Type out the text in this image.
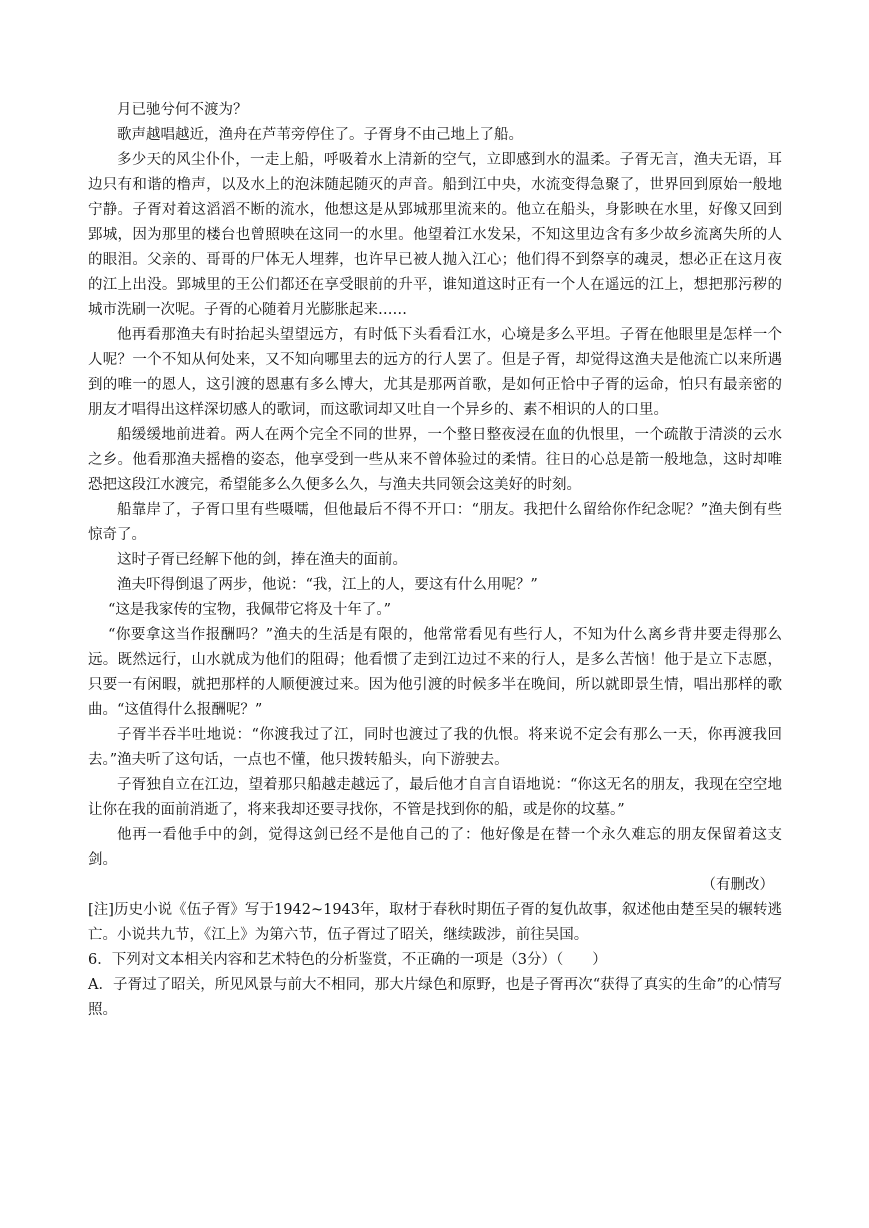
月已驰兮何不渡为？

歌声越唱越近，渔舟在芦苇旁停住了。子胥身不由己地上了船。

多少天的风尘仆仆，一走上船，呼吸着水上清新的空气，立即感到水的温柔。子胥无言，渔夫无语，耳边只有和谐的橹声，以及水上的泡沫随起随灭的声音。船到江中央，水流变得急聚了，世界回到原始一般地宁静。子胥对着这滔滔不断的流水，他想这是从郢城那里流来的。他立在船头，身影映在水里，好像又回到郢城，因为那里的楼台也曾照映在这同一的水里。他望着江水发呆，不知这里边含有多少故乡流离失所的人的眼泪。父亲的、哥哥的尸体无人埋葬，也许早已被人抛入江心；他们得不到祭享的魂灵，想必正在这月夜的江上出没。郢城里的王公们都还在享受眼前的升平，谁知道这时正有一个人在遥远的江上，想把那污秽的城市洗刷一次呢。子胥的心随着月光膨胀起来……

他再看那渔夫有时抬起头望望远方，有时低下头看看江水，心境是多么平坦。子胥在他眼里是怎样一个人呢？一个不知从何处来，又不知向哪里去的远方的行人罢了。但是子胥，却觉得这渔夫是他流亡以来所遇到的唯一的恩人，这引渡的恩惠有多么博大，尤其是那两首歌，是如何正恰中子胥的运命，怕只有最亲密的朋友才唱得出这样深切感人的歌词，而这歌词却又吐自一个异乡的、素不相识的人的口里。

船缓缓地前进着。两人在两个完全不同的世界，一个整日整夜浸在血的仇恨里，一个疏散于清淡的云水之乡。他看那渔夫摇橹的姿态，他享受到一些从来不曾体验过的柔情。往日的心总是箭一般地急，这时却唯恐把这段江水渡完，希望能多么久便多么久，与渔夫共同领会这美好的时刻。

船靠岸了，子胥口里有些嗫嚅，但他最后不得不开口：“朋友。我把什么留给你作纪念呢？”渔夫倒有些惊奇了。

这时子胥已经解下他的剑，捧在渔夫的面前。

渔夫吓得倒退了两步，他说：“我，江上的人，要这有什么用呢？”

“这是我家传的宝物，我佩带它将及十年了。”

“你要拿这当作报酬吗？”渔夫的生活是有限的，他常常看见有些行人，不知为什么离乡背井要走得那么远。既然远行，山水就成为他们的阻碍；他看惯了走到江边过不来的行人，是多么苦恼！他于是立下志愿，只要一有闲暇，就把那样的人顺便渡过来。因为他引渡的时候多半在晚间，所以就即景生情，唱出那样的歌曲。“这值得什么报酬呢？”

子胥半吞半吐地说：“你渡我过了江，同时也渡过了我的仇恨。将来说不定会有那么一天，你再渡我回去。”渔夫听了这句话，一点也不懂，他只拨转船头，向下游驶去。

子胥独自立在江边，望着那只船越走越远了，最后他才自言自语地说：“你这无名的朋友，我现在空空地让你在我的面前消逝了，将来我却还要寻找你，不管是找到你的船，或是你的坟墓。”

他再一看他手中的剑，觉得这剑已经不是他自己的了：他好像是在替一个永久难忘的朋友保留着这支剑。

（有删改）

[注]历史小说《伍子胥》写于1942~1943年，取材于春秋时期伍子胥的复仇故事，叙述他由楚至吴的辗转逃亡。小说共九节，《江上》为第六节，伍子胥过了昭关，继续跋涉，前往吴国。

6．下列对文本相关内容和艺术特色的分析鉴赏，不正确的一项是（3分）（　　）

A．子胥过了昭关，所见风景与前大不相同，那大片绿色和原野，也是子胥再次“获得了真实的生命”的心情写照。
